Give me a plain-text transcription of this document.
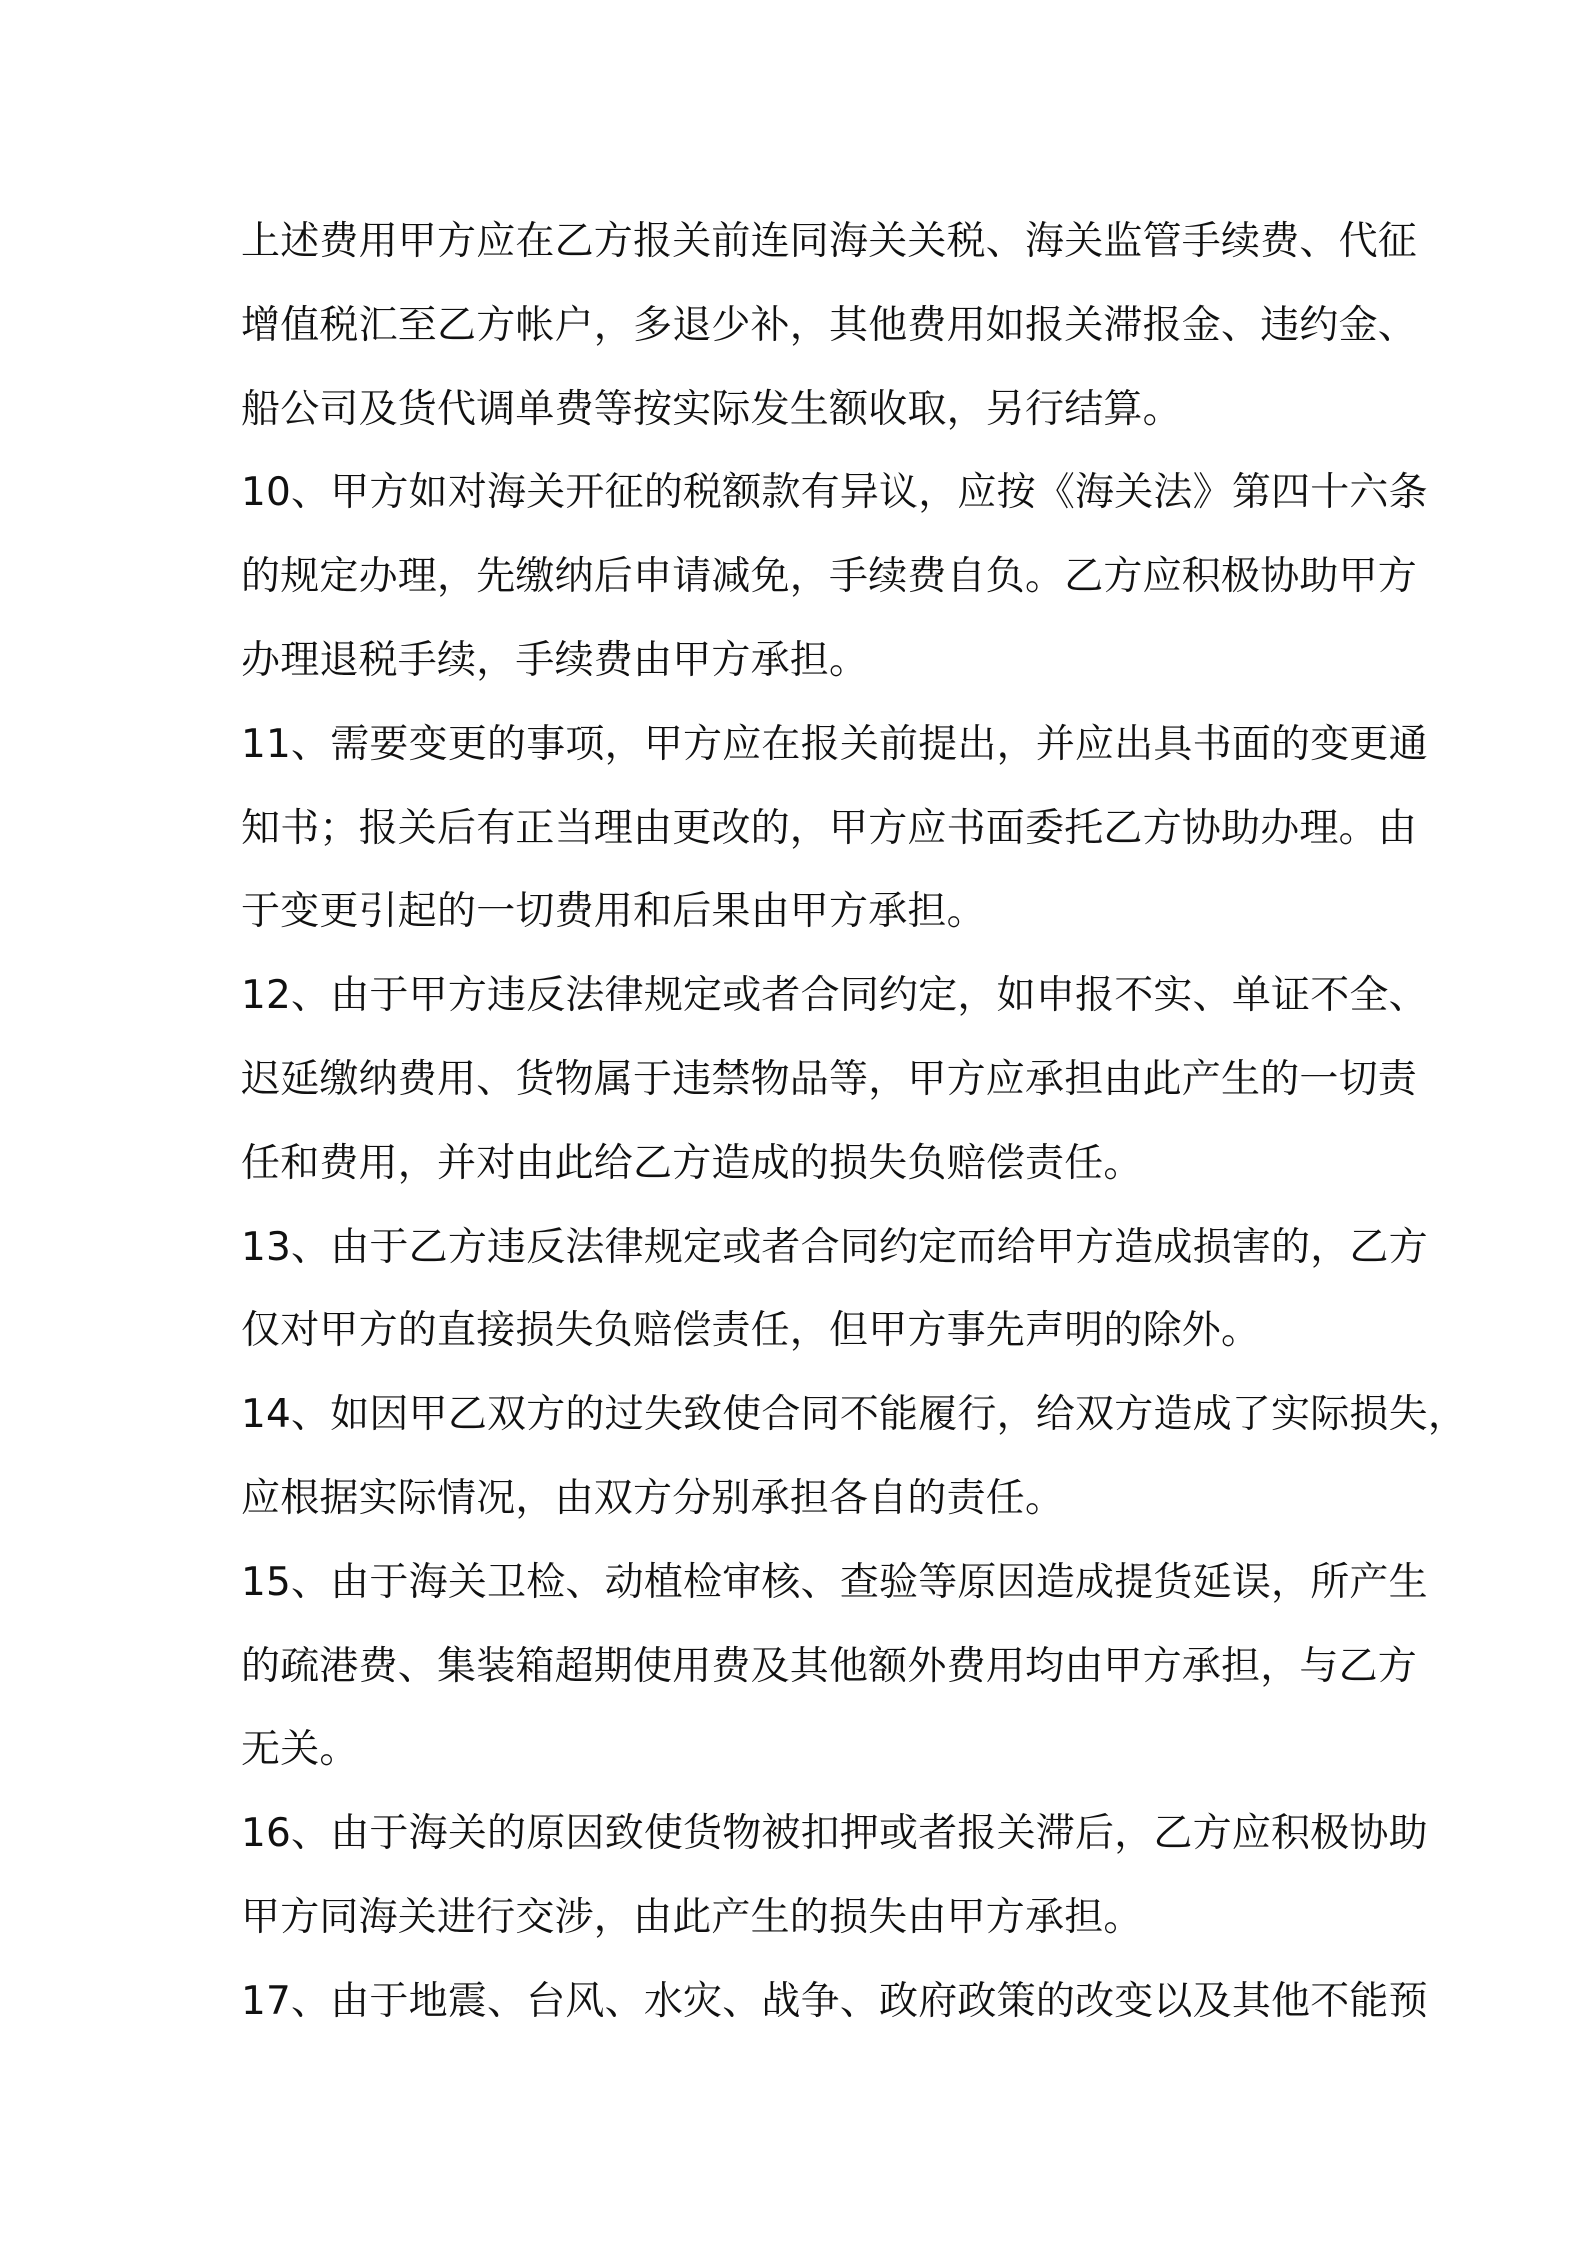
上述费用甲方应在乙方报关前连同海关关税、海关监管手续费、代征
增值税汇至乙方帐户，多退少补，其他费用如报关滞报金、违约金、
船公司及货代调单费等按实际发生额收取，另行结算。
10、甲方如对海关开征的税额款有异议，应按《海关法》第四十六条
的规定办理，先缴纳后申请减免，手续费自负。乙方应积极协助甲方
办理退税手续，手续费由甲方承担。
11、需要变更的事项，甲方应在报关前提出，并应出具书面的变更通
知书；报关后有正当理由更改的，甲方应书面委托乙方协助办理。由
于变更引起的一切费用和后果由甲方承担。
12、由于甲方违反法律规定或者合同约定，如申报不实、单证不全、
迟延缴纳费用、货物属于违禁物品等，甲方应承担由此产生的一切责
任和费用，并对由此给乙方造成的损失负赔偿责任。
13、由于乙方违反法律规定或者合同约定而给甲方造成损害的，乙方
仅对甲方的直接损失负赔偿责任，但甲方事先声明的除外。
14、如因甲乙双方的过失致使合同不能履行，给双方造成了实际损失，
应根据实际情况，由双方分别承担各自的责任。
15、由于海关卫检、动植检审核、查验等原因造成提货延误，所产生
的疏港费、集装箱超期使用费及其他额外费用均由甲方承担，与乙方
无关。
16、由于海关的原因致使货物被扣押或者报关滞后，乙方应积极协助
甲方同海关进行交涉，由此产生的损失由甲方承担。
17、由于地震、台风、水灾、战争、政府政策的改变以及其他不能预
